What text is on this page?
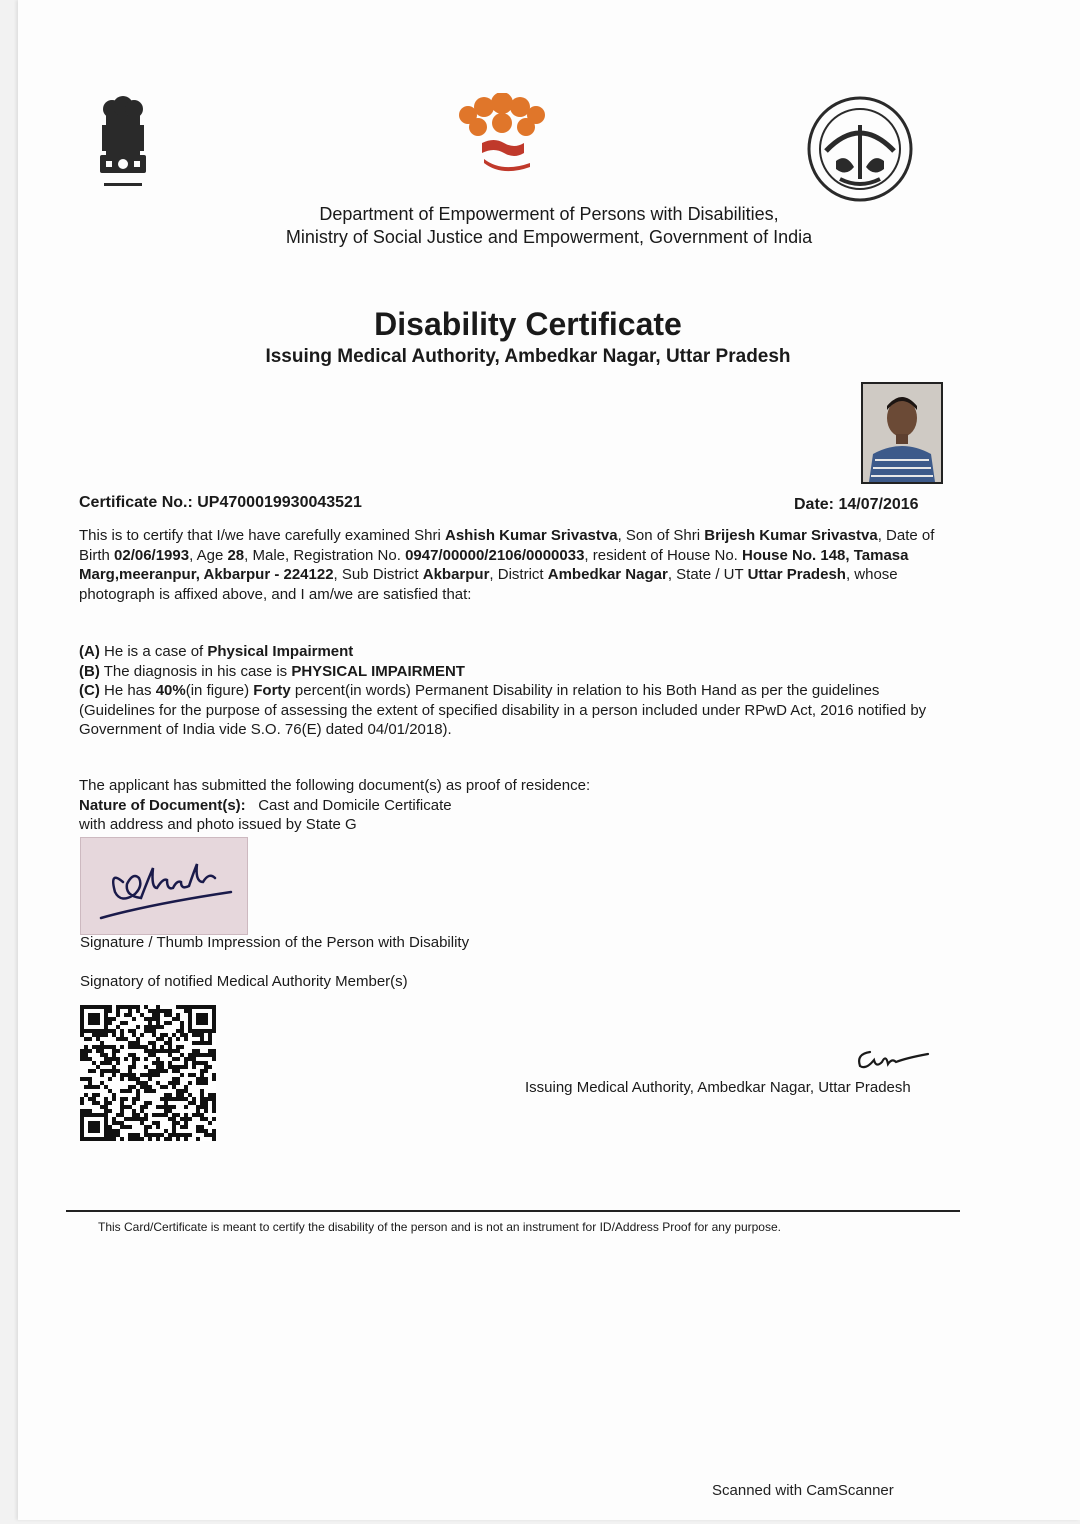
Department of Empowerment of Persons with Disabilities,
Ministry of Social Justice and Empowerment, Government of India
Disability Certificate
Issuing Medical Authority, Ambedkar Nagar, Uttar Pradesh
Certificate No.: UP4700019930043521	Date: 14/07/2016
This is to certify that I/we have carefully examined Shri Ashish Kumar Srivastva, Son of Shri Brijesh Kumar Srivastva, Date of Birth 02/06/1993, Age 28, Male, Registration No. 0947/00000/2106/0000033, resident of House No. House No. 148, Tamasa Marg,meeranpur, Akbarpur - 224122, Sub District Akbarpur, District Ambedkar Nagar, State / UT Uttar Pradesh, whose photograph is affixed above, and I am/we are satisfied that:
(A) He is a case of Physical Impairment
(B) The diagnosis in his case is PHYSICAL IMPAIRMENT
(C) He has 40%(in figure) Forty percent(in words) Permanent Disability in relation to his Both Hand as per the guidelines (Guidelines for the purpose of assessing the extent of specified disability in a person included under RPwD Act, 2016 notified by Government of India vide S.O. 76(E) dated 04/01/2018).
The applicant has submitted the following document(s) as proof of residence:
Nature of Document(s): Cast and Domicile Certificate
with address and photo issued by State G
Signature / Thumb Impression of the Person with Disability
Signatory of notified Medical Authority Member(s)
Issuing Medical Authority, Ambedkar Nagar, Uttar Pradesh
This Card/Certificate is meant to certify the disability of the person and is not an instrument for ID/Address Proof for any purpose.
Scanned with CamScanner
